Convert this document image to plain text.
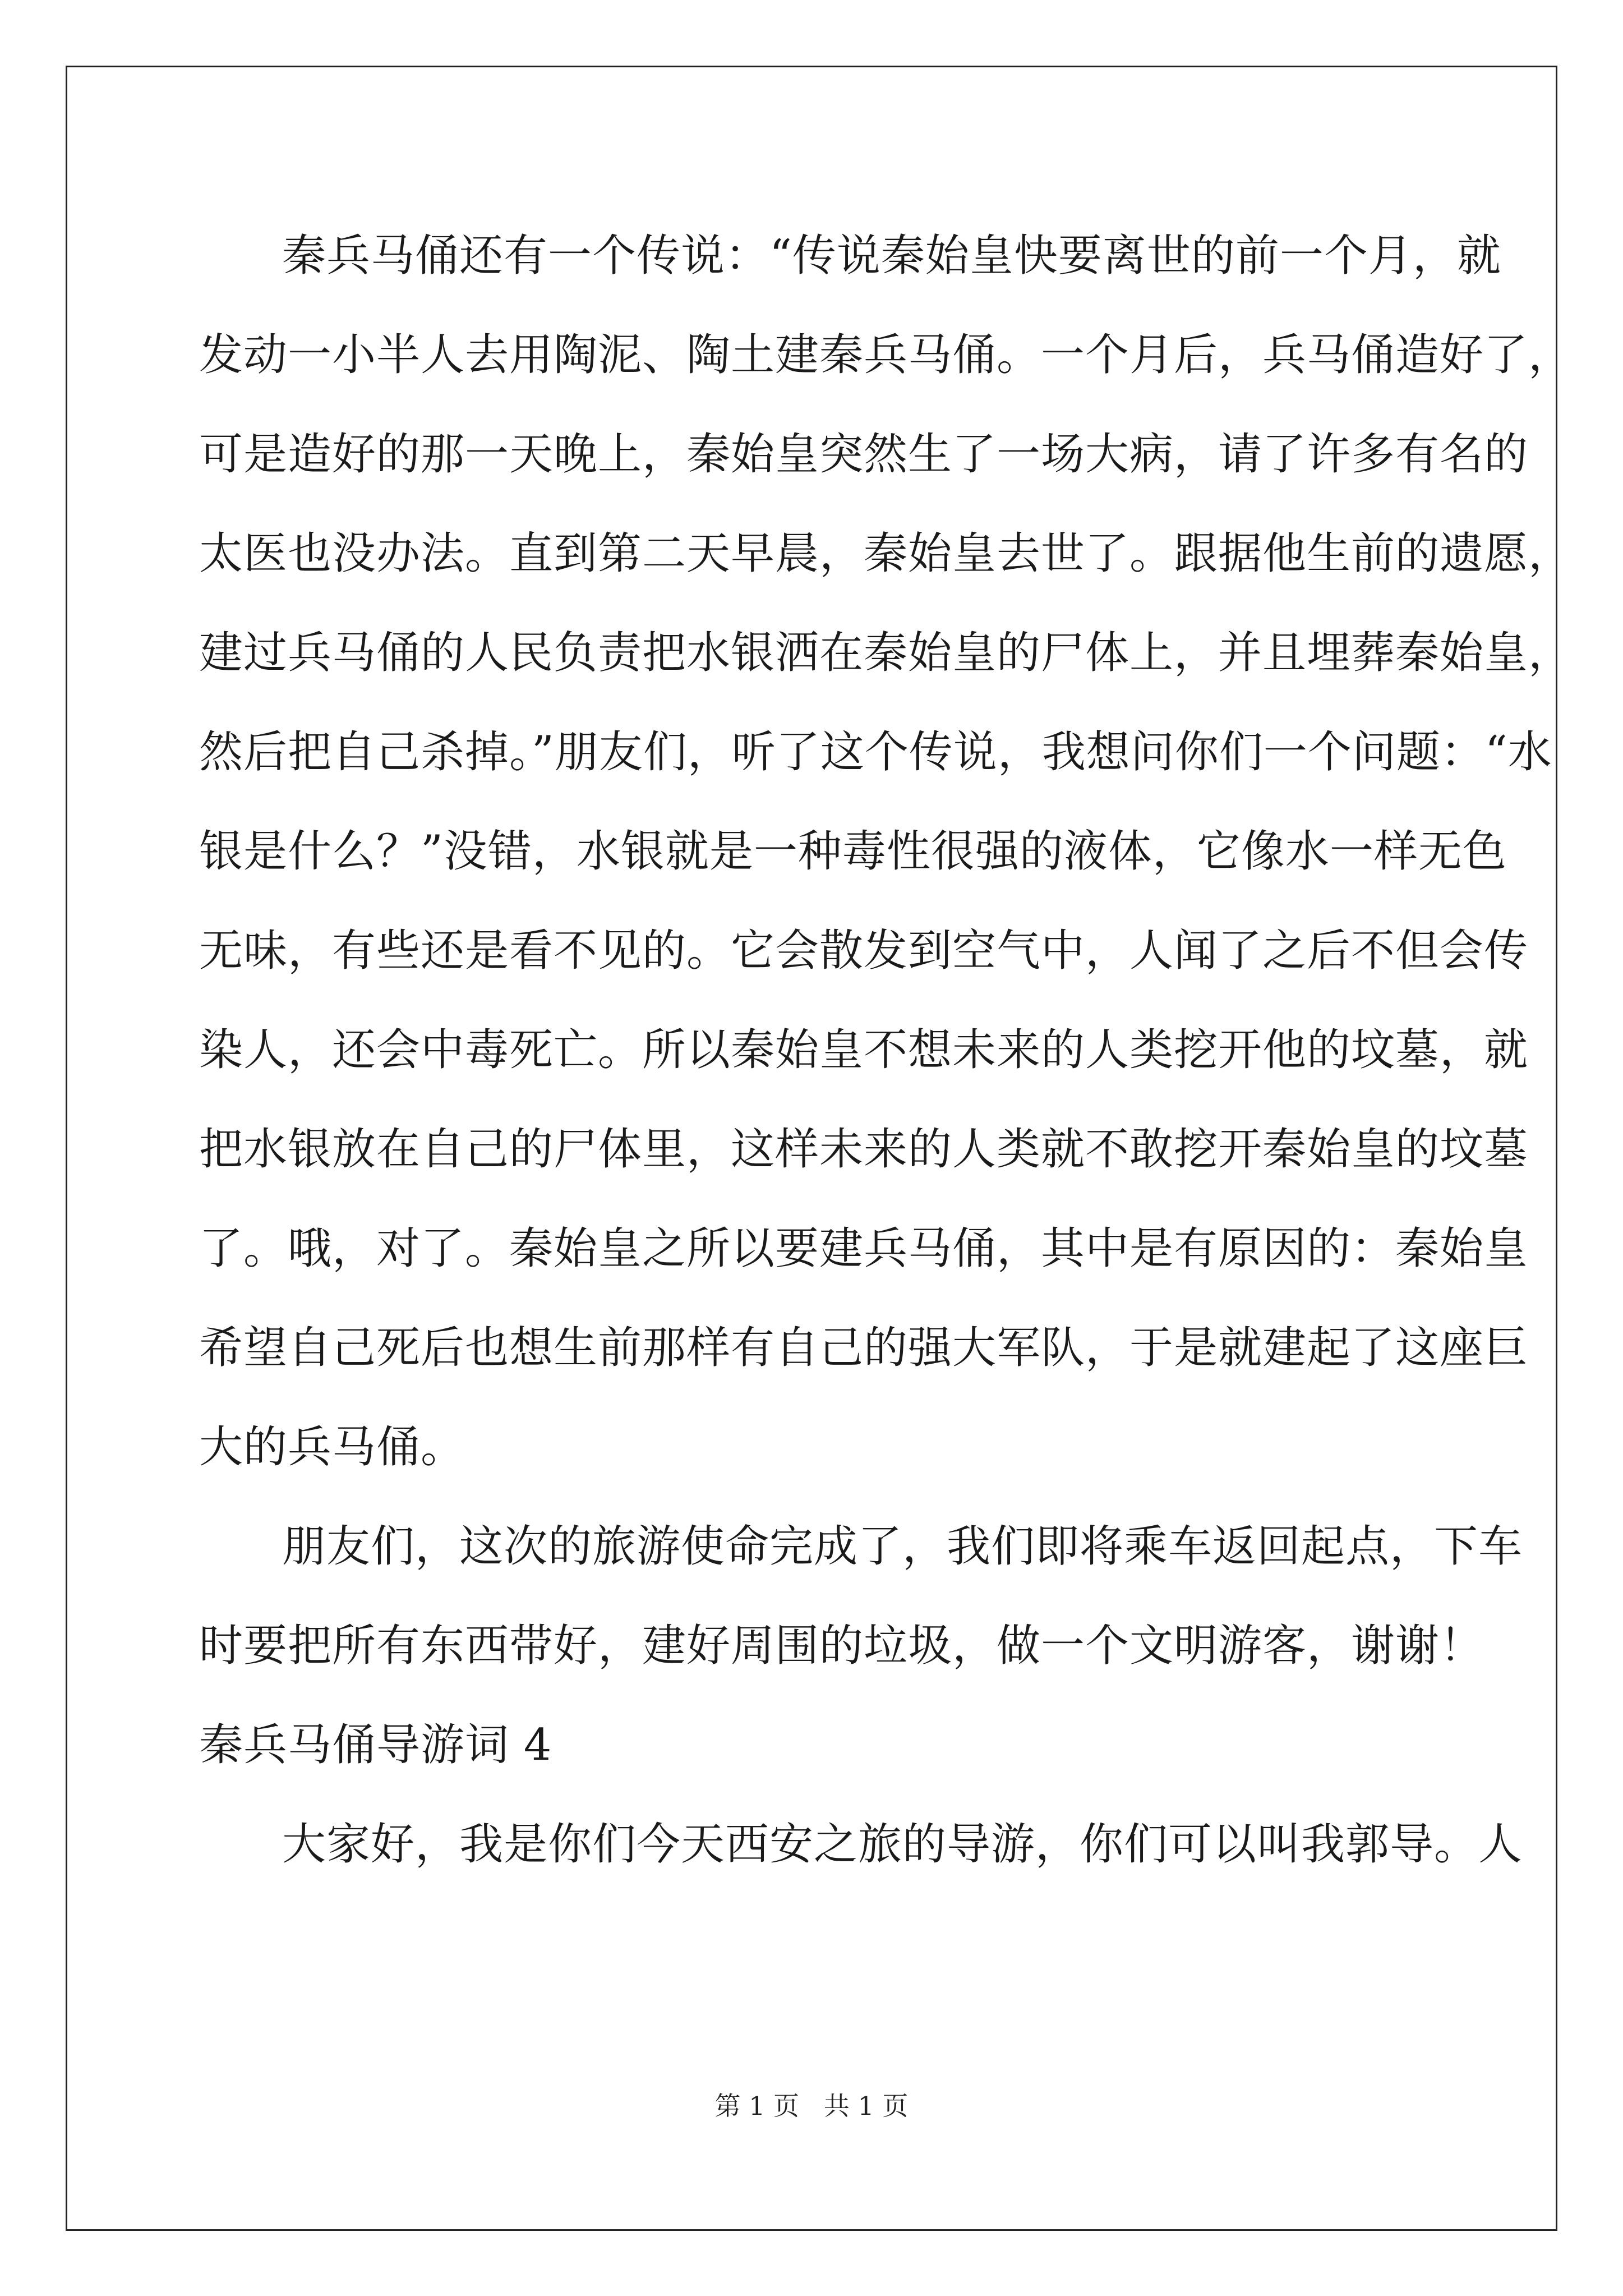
秦兵马俑还有一个传说：“传说秦始皇快要离世的前一个月，就
发动一小半人去用陶泥、陶土建秦兵马俑。一个月后，兵马俑造好了，
可是造好的那一天晚上，秦始皇突然生了一场大病，请了许多有名的
太医也没办法。直到第二天早晨，秦始皇去世了。跟据他生前的遗愿，
建过兵马俑的人民负责把水银洒在秦始皇的尸体上，并且埋葬秦始皇，
然后把自己杀掉。”朋友们，听了这个传说，我想问你们一个问题：“水
银是什么？”没错，水银就是一种毒性很强的液体，它像水一样无色
无味，有些还是看不见的。它会散发到空气中，人闻了之后不但会传
染人，还会中毒死亡。所以秦始皇不想未来的人类挖开他的坟墓，就
把水银放在自己的尸体里，这样未来的人类就不敢挖开秦始皇的坟墓
了。哦，对了。秦始皇之所以要建兵马俑，其中是有原因的：秦始皇
希望自己死后也想生前那样有自己的强大军队，于是就建起了这座巨
大的兵马俑。
朋友们，这次的旅游使命完成了，我们即将乘车返回起点，下车
时要把所有东西带好，建好周围的垃圾，做一个文明游客，谢谢！
秦兵马俑导游词 4
大家好，我是你们今天西安之旅的导游，你们可以叫我郭导。人
第 1 页   共 1 页
